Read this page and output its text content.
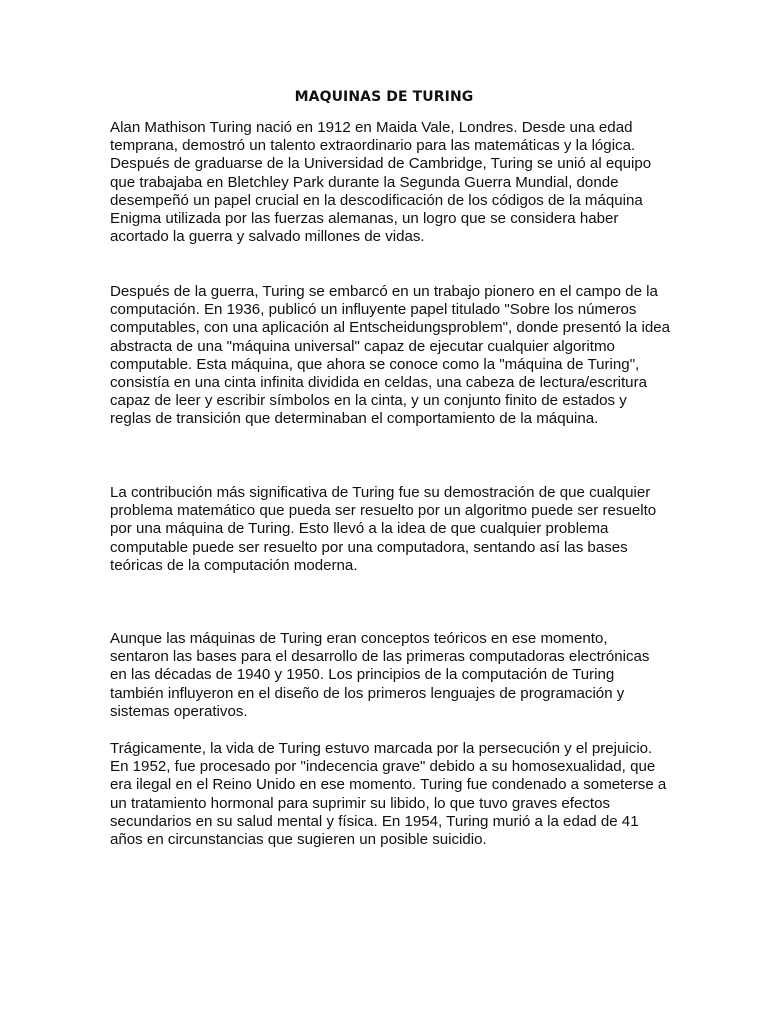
MAQUINAS DE TURING

Alan Mathison Turing nació en 1912 en Maida Vale, Londres. Desde una edad temprana, demostró un talento extraordinario para las matemáticas y la lógica. Después de graduarse de la Universidad de Cambridge, Turing se unió al equipo que trabajaba en Bletchley Park durante la Segunda Guerra Mundial, donde desempeñó un papel crucial en la descodificación de los códigos de la máquina Enigma utilizada por las fuerzas alemanas, un logro que se considera haber acortado la guerra y salvado millones de vidas.

Después de la guerra, Turing se embarcó en un trabajo pionero en el campo de la computación. En 1936, publicó un influyente papel titulado "Sobre los números computables, con una aplicación al Entscheidungsproblem", donde presentó la idea abstracta de una "máquina universal" capaz de ejecutar cualquier algoritmo computable. Esta máquina, que ahora se conoce como la "máquina de Turing", consistía en una cinta infinita dividida en celdas, una cabeza de lectura/escritura capaz de leer y escribir símbolos en la cinta, y un conjunto finito de estados y reglas de transición que determinaban el comportamiento de la máquina.

La contribución más significativa de Turing fue su demostración de que cualquier problema matemático que pueda ser resuelto por un algoritmo puede ser resuelto por una máquina de Turing. Esto llevó a la idea de que cualquier problema computable puede ser resuelto por una computadora, sentando así las bases teóricas de la computación moderna.

Aunque las máquinas de Turing eran conceptos teóricos en ese momento, sentaron las bases para el desarrollo de las primeras computadoras electrónicas en las décadas de 1940 y 1950. Los principios de la computación de Turing también influyeron en el diseño de los primeros lenguajes de programación y sistemas operativos.

Trágicamente, la vida de Turing estuvo marcada por la persecución y el prejuicio. En 1952, fue procesado por "indecencia grave" debido a su homosexualidad, que era ilegal en el Reino Unido en ese momento. Turing fue condenado a someterse a un tratamiento hormonal para suprimir su libido, lo que tuvo graves efectos secundarios en su salud mental y física. En 1954, Turing murió a la edad de 41 años en circunstancias que sugieren un posible suicidio.
